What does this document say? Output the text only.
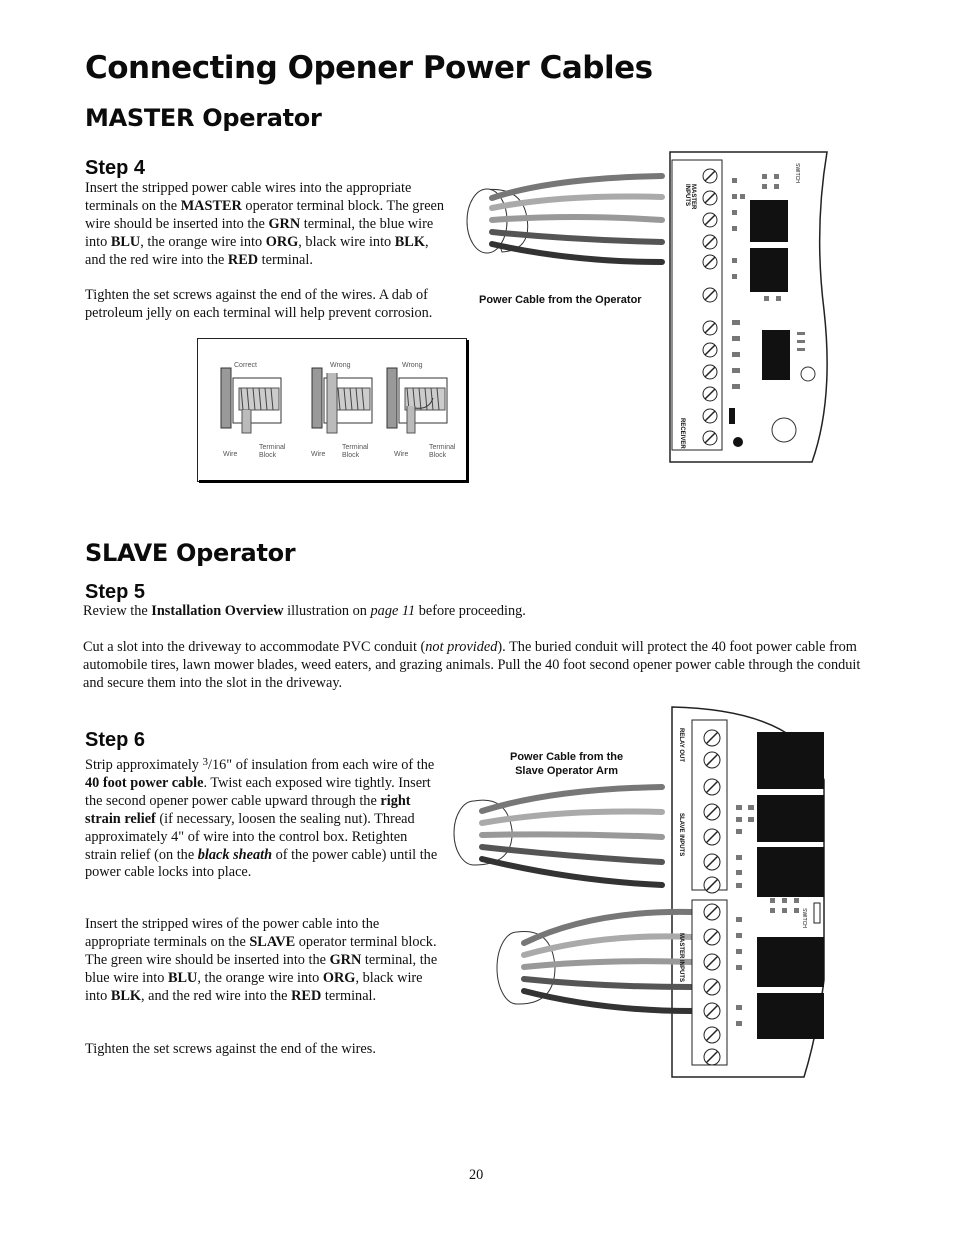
Connecting Opener Power Cables
MASTER Operator
Step 4
Insert the stripped power cable wires into the appropriate terminals on the MASTER operator terminal block. The green wire should be inserted into the GRN terminal, the blue wire into BLU, the orange wire into ORG, black wire into BLK, and the red wire into the RED terminal.
Tighten the set screws against the end of the wires. A dab of petroleum jelly on each terminal will help prevent corrosion.
Correct	Wrong	Wrong
Wire
Terminal
Block	Wire
Terminal
Block	Wire
Terminal
Block
Power Cable from the Operator
MASTER INPUTS
RECEIVER
SWITCH
SLAVE Operator
Step 5
Review the Installation Overview illustration on page 11 before proceeding.
Cut a slot into the driveway to accommodate PVC conduit (not provided). The buried conduit will protect the 40 foot power cable from automobile tires, lawn mower blades, weed eaters, and grazing animals. Pull the 40 foot second opener power cable through the conduit and secure them into the slot in the driveway.
Step 6
Strip approximately $^3$/16" of insulation from each wire of the 40 foot power cable. Twist each exposed wire tightly. Insert the second opener power cable upward through the right strain relief (if necessary, loosen the sealing nut). Thread approximately 4" of wire into the control box. Retighten strain relief (on the black sheath of the power cable) until the power cable locks into place.
Insert the stripped wires of the power cable into the appropriate terminals on the SLAVE operator terminal block. The green wire should be inserted into the GRN terminal, the blue wire into BLU, the orange wire into ORG, black wire into BLK, and the red wire into the RED terminal.
Tighten the set screws against the end of the wires.
Power Cable from the
Slave Operator Arm
RELAY OUT
SLAVE INPUTS
MASTER INPUTS
SWITCH
20
